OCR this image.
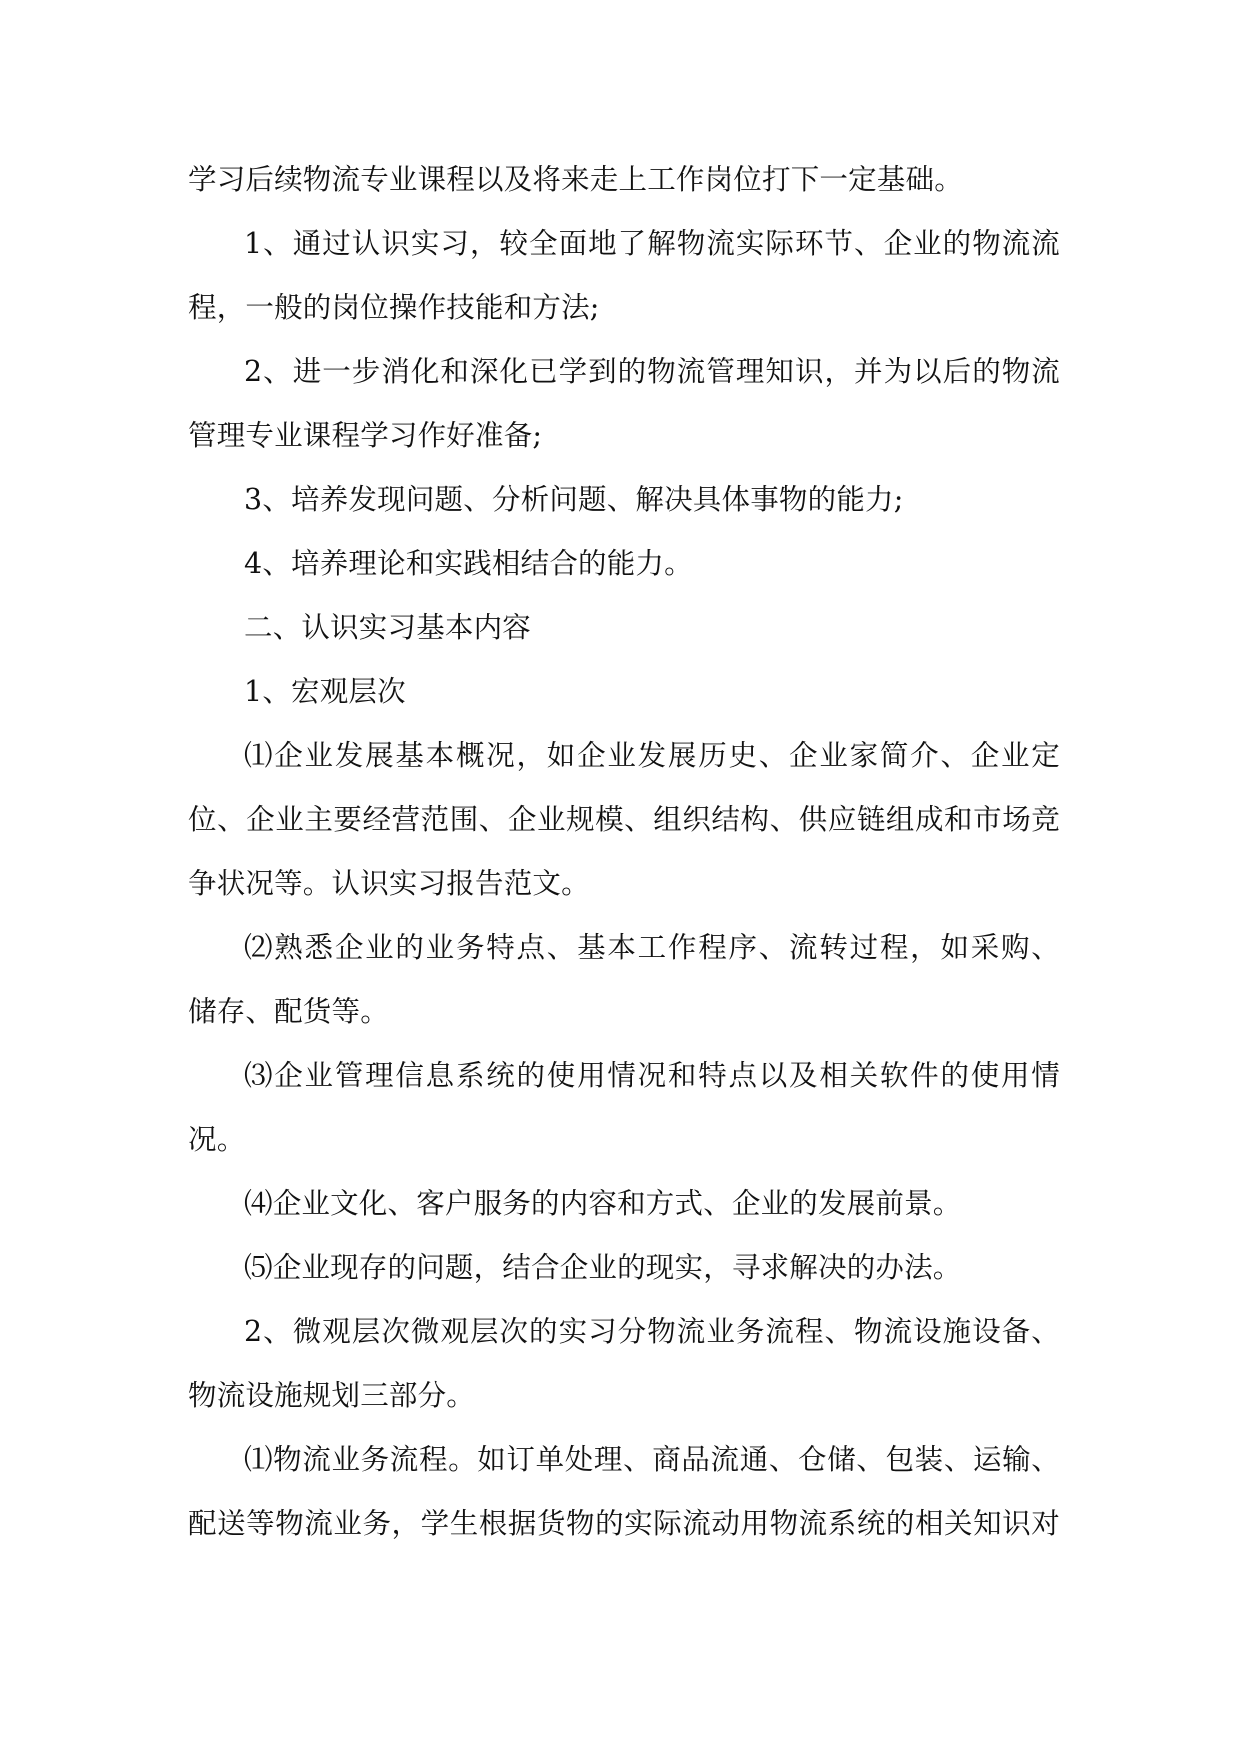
学习后续物流专业课程以及将来走上工作岗位打下一定基础。
1、通过认识实习，较全面地了解物流实际环节、企业的物流流
程，一般的岗位操作技能和方法;
2、进一步消化和深化已学到的物流管理知识，并为以后的物流
管理专业课程学习作好准备;
3、培养发现问题、分析问题、解决具体事物的能力;
4、培养理论和实践相结合的能力。
二、认识实习基本内容
1、宏观层次
⑴企业发展基本概况，如企业发展历史、企业家简介、企业定
位、企业主要经营范围、企业规模、组织结构、供应链组成和市场竞
争状况等。认识实习报告范文。
⑵熟悉企业的业务特点、基本工作程序、流转过程，如采购、
储存、配货等。
⑶企业管理信息系统的使用情况和特点以及相关软件的使用情
况。
⑷企业文化、客户服务的内容和方式、企业的发展前景。
⑸企业现存的问题，结合企业的现实，寻求解决的办法。
2、微观层次微观层次的实习分物流业务流程、物流设施设备、
物流设施规划三部分。
⑴物流业务流程。如订单处理、商品流通、仓储、包装、运输、
配送等物流业务，学生根据货物的实际流动用物流系统的相关知识对
